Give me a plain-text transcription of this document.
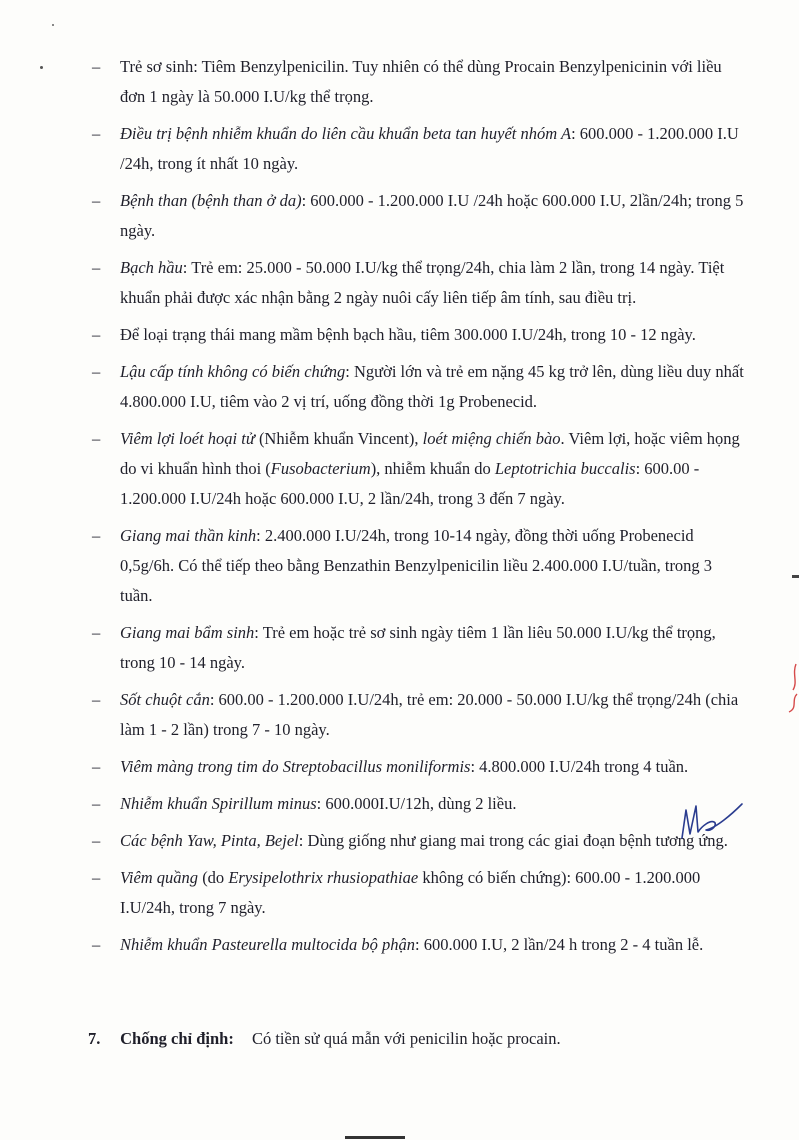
– Trẻ sơ sinh: Tiêm Benzylpenicilin. Tuy nhiên có thể dùng Procain Benzylpenicinin với liều đơn 1 ngày là 50.000 I.U/kg thể trọng.
– Điều trị bệnh nhiễm khuẩn do liên cầu khuẩn beta tan huyết nhóm A: 600.000 - 1.200.000 I.U /24h, trong ít nhất 10 ngày.
– Bệnh than (bệnh than ở da): 600.000 - 1.200.000 I.U /24h hoặc 600.000 I.U, 2lần/24h; trong 5 ngày.
– Bạch hầu: Trẻ em: 25.000 - 50.000 I.U/kg thể trọng/24h, chia làm 2 lần, trong 14 ngày. Tiệt khuẩn phải được xác nhận bằng 2 ngày nuôi cấy liên tiếp âm tính, sau điều trị.
– Để loại trạng thái mang mầm bệnh bạch hầu, tiêm 300.000 I.U/24h, trong 10 - 12 ngày.
– Lậu cấp tính không có biến chứng: Người lớn và trẻ em nặng 45 kg trở lên, dùng liều duy nhất 4.800.000 I.U, tiêm vào 2 vị trí, uống đồng thời 1g Probenecid.
– Viêm lợi loét hoại tử (Nhiễm khuẩn Vincent), loét miệng chiến bào. Viêm lợi, hoặc viêm họng do vi khuẩn hình thoi (Fusobacterium), nhiễm khuẩn do Leptotrichia buccalis: 600.00 - 1.200.000 I.U/24h hoặc 600.000 I.U, 2 lần/24h, trong 3 đến 7 ngày.
– Giang mai thần kinh: 2.400.000 I.U/24h, trong 10-14 ngày, đồng thời uống Probenecid 0,5g/6h. Có thể tiếp theo bằng Benzathin Benzylpenicilin liều 2.400.000 I.U/tuần, trong 3 tuần.
– Giang mai bẩm sinh: Trẻ em hoặc trẻ sơ sinh ngày tiêm 1 lần liêu 50.000 I.U/kg thể trọng, trong 10 - 14 ngày.
– Sốt chuột cắn: 600.00 - 1.200.000 I.U/24h, trẻ em: 20.000 - 50.000 I.U/kg thể trọng/24h (chia làm 1 - 2 lần) trong 7 - 10 ngày.
– Viêm màng trong tim do Streptobacillus moniliformis: 4.800.000 I.U/24h trong 4 tuần.
– Nhiễm khuẩn Spirillum minus: 600.000I.U/12h, dùng 2 liều.
– Các bệnh Yaw, Pinta, Bejel: Dùng giống như giang mai trong các giai đoạn bệnh tương ứng.
– Viêm quầng (do Erysipelothrix rhusiopathiae không có biến chứng): 600.00 - 1.200.000 I.U/24h, trong 7 ngày.
– Nhiễm khuẩn Pasteurella multocida bộ phận: 600.000 I.U, 2 lần/24 h trong 2 - 4 tuần lễ.
7. Chống chỉ định: Có tiền sử quá mẫn với penicilin hoặc procain.
